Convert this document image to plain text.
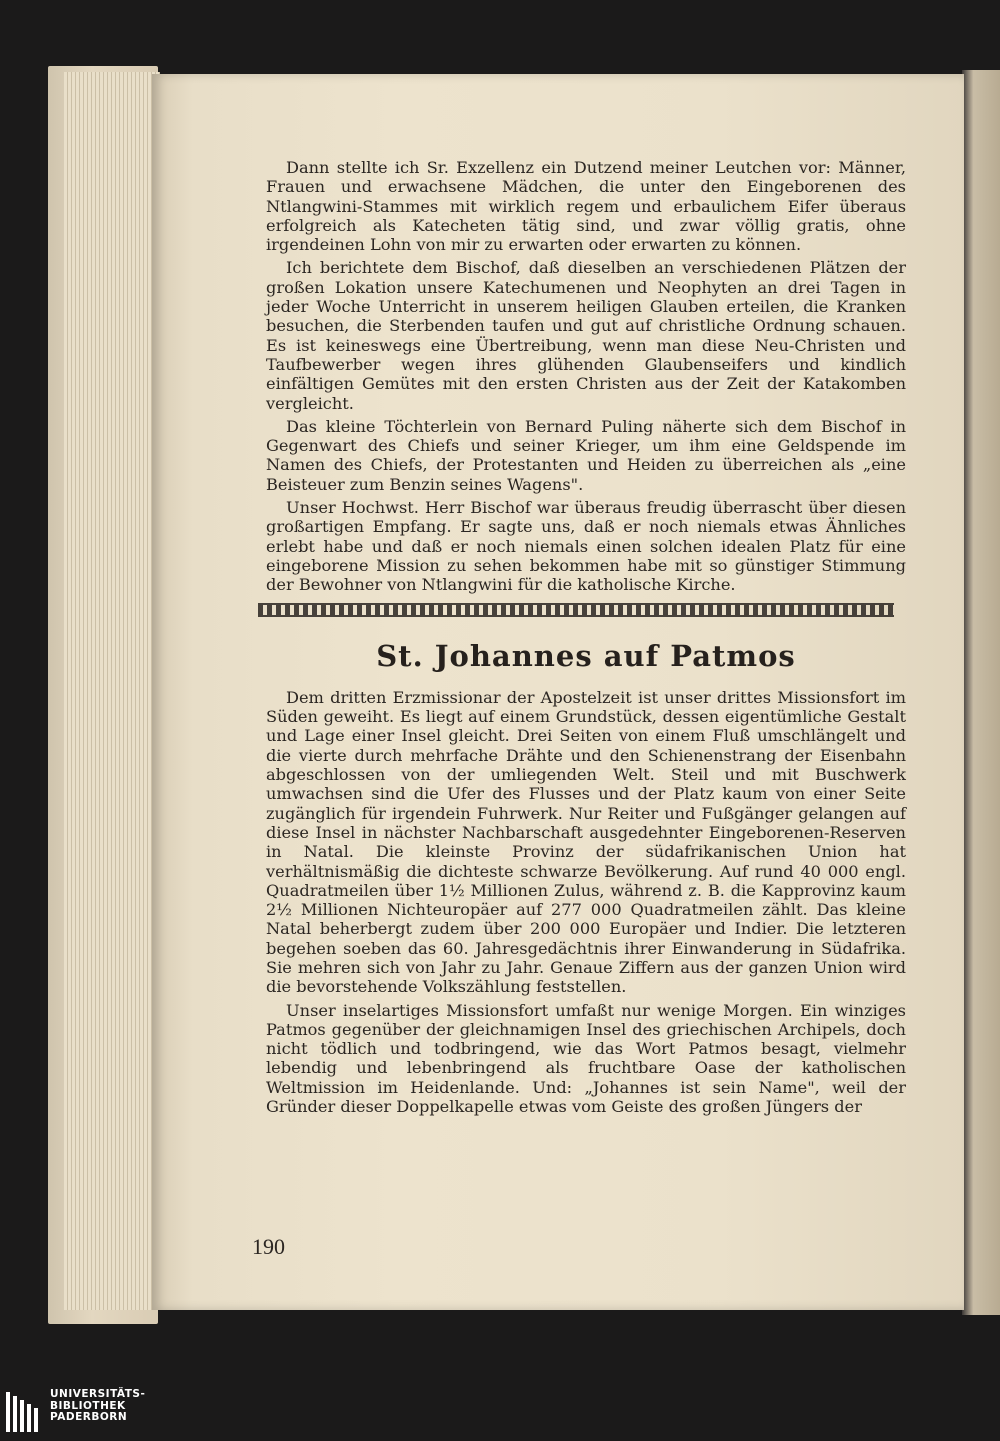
Dann stellte ich Sr. Exzellenz ein Dutzend meiner Leutchen vor: Männer, Frauen und erwachsene Mädchen, die unter den Eingeborenen des Ntlangwini-Stammes mit wirklich regem und erbaulichem Eifer überaus erfolgreich als Katecheten tätig sind, und zwar völlig gratis, ohne irgendeinen Lohn von mir zu erwarten oder erwarten zu können.

Ich berichtete dem Bischof, daß dieselben an verschiedenen Plätzen der großen Lokation unsere Katechumenen und Neophyten an drei Tagen in jeder Woche Unterricht in unserem heiligen Glauben erteilen, die Kranken besuchen, die Sterbenden taufen und gut auf christliche Ordnung schauen. Es ist keineswegs eine Übertreibung, wenn man diese Neu-Christen und Taufbewerber wegen ihres glühenden Glaubenseifers und kindlich einfältigen Gemütes mit den ersten Christen aus der Zeit der Katakomben vergleicht.

Das kleine Töchterlein von Bernard Puling näherte sich dem Bischof in Gegenwart des Chiefs und seiner Krieger, um ihm eine Geldspende im Namen des Chiefs, der Protestanten und Heiden zu überreichen als „eine Beisteuer zum Benzin seines Wagens".

Unser Hochwst. Herr Bischof war überaus freudig überrascht über diesen großartigen Empfang. Er sagte uns, daß er noch niemals etwas Ähnliches erlebt habe und daß er noch niemals einen solchen idealen Platz für eine eingeborene Mission zu sehen bekommen habe mit so günstiger Stimmung der Bewohner von Ntlangwini für die katholische Kirche.

St. Johannes auf Patmos

Dem dritten Erzmissionar der Apostelzeit ist unser drittes Missionsfort im Süden geweiht. Es liegt auf einem Grundstück, dessen eigentümliche Gestalt und Lage einer Insel gleicht. Drei Seiten von einem Fluß umschlängelt und die vierte durch mehrfache Drähte und den Schienenstrang der Eisenbahn abgeschlossen von der umliegenden Welt. Steil und mit Buschwerk umwachsen sind die Ufer des Flusses und der Platz kaum von einer Seite zugänglich für irgendein Fuhrwerk. Nur Reiter und Fußgänger gelangen auf diese Insel in nächster Nachbarschaft ausgedehnter Eingeborenen-Reserven in Natal. Die kleinste Provinz der südafrikanischen Union hat verhältnismäßig die dichteste schwarze Bevölkerung. Auf rund 40 000 engl. Quadratmeilen über 1½ Millionen Zulus, während z. B. die Kapprovinz kaum 2½ Millionen Nichteuropäer auf 277 000 Quadratmeilen zählt. Das kleine Natal beherbergt zudem über 200 000 Europäer und Indier. Die letzteren begehen soeben das 60. Jahresgedächtnis ihrer Einwanderung in Südafrika. Sie mehren sich von Jahr zu Jahr. Genaue Ziffern aus der ganzen Union wird die bevorstehende Volkszählung feststellen.

Unser inselartiges Missionsfort umfaßt nur wenige Morgen. Ein winziges Patmos gegenüber der gleichnamigen Insel des griechischen Archipels, doch nicht tödlich und todbringend, wie das Wort Patmos besagt, vielmehr lebendig und lebenbringend als fruchtbare Oase der katholischen Weltmission im Heidenlande. Und: „Johannes ist sein Name", weil der Gründer dieser Doppelkapelle etwas vom Geiste des großen Jüngers der

190
UNIVERSITÄTS-
BIBLIOTHEK
PADERBORN
